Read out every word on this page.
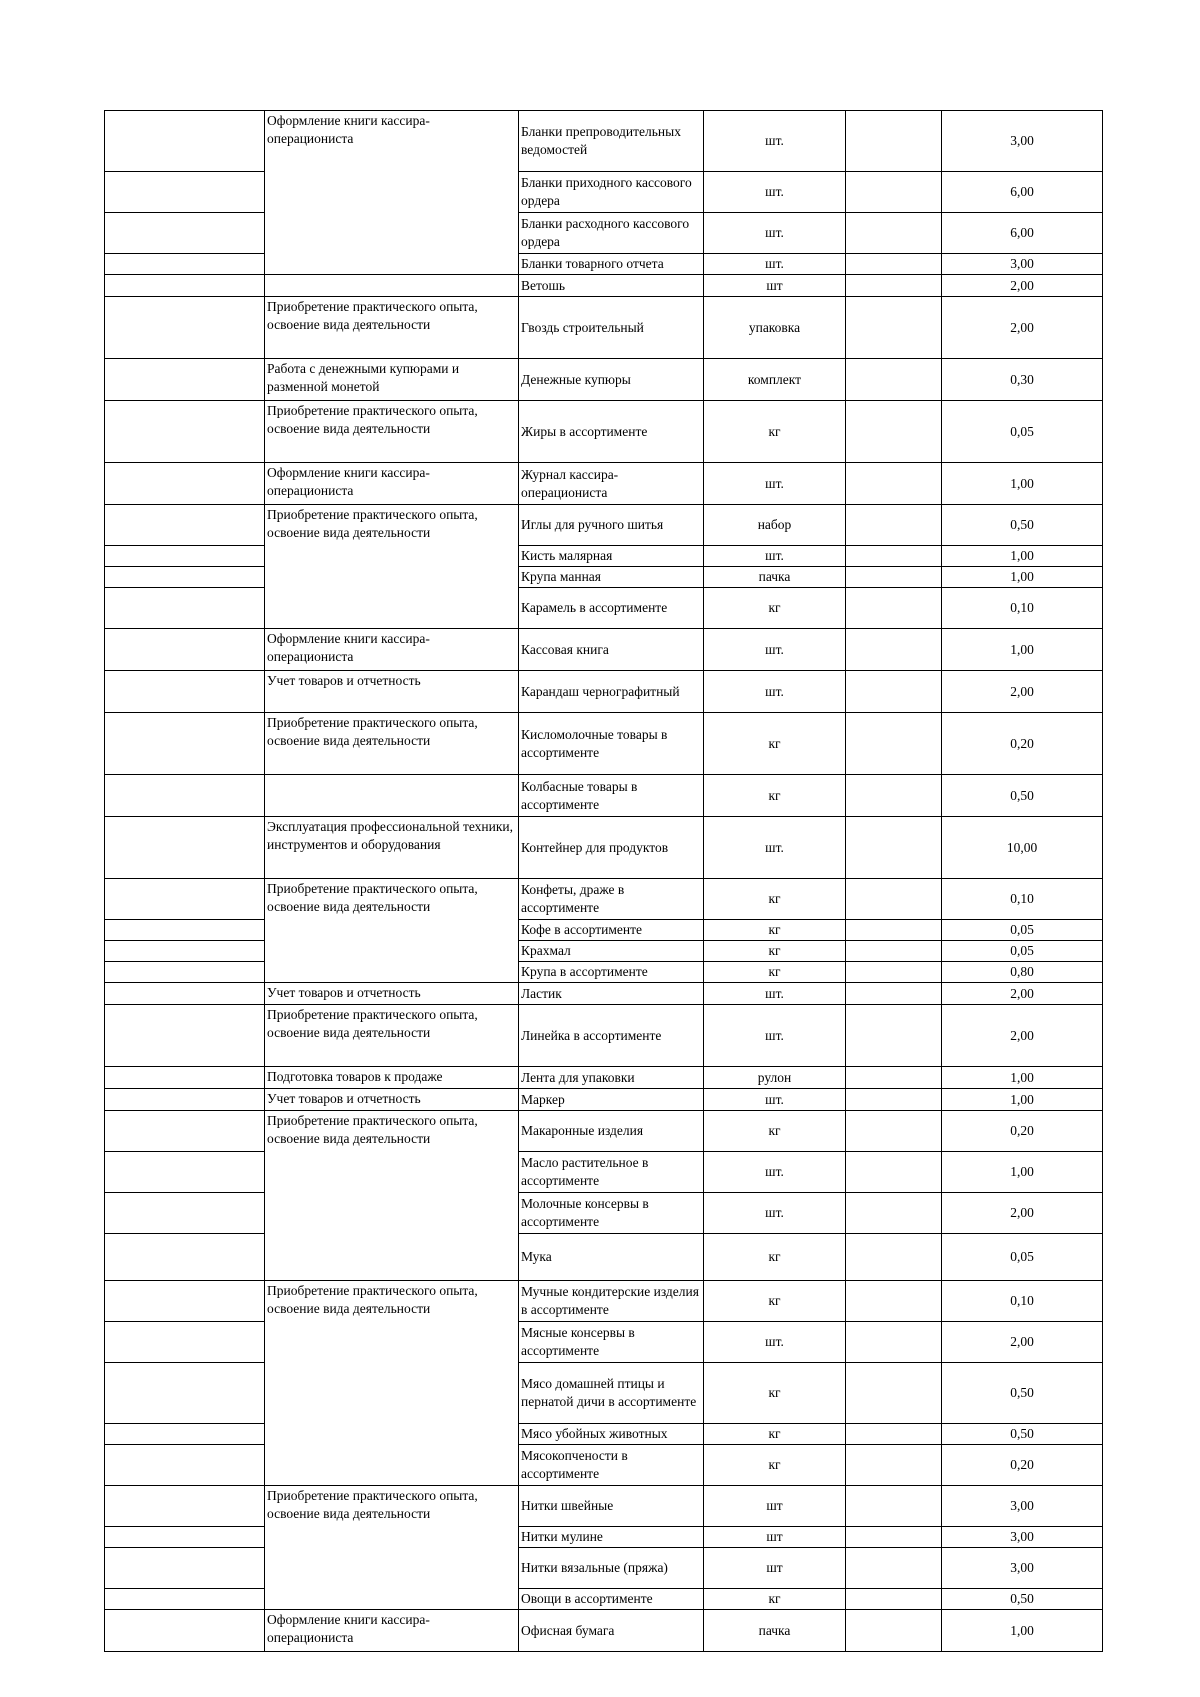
	Оформление книги кассира-операциониста	Бланки препроводительных ведомостей	шт.		3,00
		Бланки приходного кассового ордера	шт.		6,00
		Бланки расходного кассового ордера	шт.		6,00
		Бланки товарного отчета	шт.		3,00
		Ветошь	шт		2,00
	Приобретение практического опыта, освоение вида деятельности	Гвоздь строительный	упаковка		2,00
	Работа с денежными купюрами и разменной монетой	Денежные купюры	комплект		0,30
	Приобретение практического опыта, освоение вида деятельности	Жиры в ассортименте	кг		0,05
	Оформление книги кассира-операциониста	Журнал кассира-операциониста	шт.		1,00
	Приобретение практического опыта, освоение вида деятельности	Иглы для ручного шитья	набор		0,50
		Кисть малярная	шт.		1,00
		Крупа манная	пачка		1,00
		Карамель в ассортименте	кг		0,10
	Оформление книги кассира-операциониста	Кассовая книга	шт.		1,00
	Учет товаров и отчетность	Карандаш чернографитный	шт.		2,00
	Приобретение практического опыта, освоение вида деятельности	Кисломолочные товары в ассортименте	кг		0,20
		Колбасные товары в ассортименте	кг		0,50
	Эксплуатация профессиональной техники, инструментов и оборудования	Контейнер для продуктов	шт.		10,00
	Приобретение практического опыта, освоение вида деятельности	Конфеты, драже в ассортименте	кг		0,10
		Кофе в ассортименте	кг		0,05
		Крахмал	кг		0,05
		Крупа в ассортименте	кг		0,80
	Учет товаров и отчетность	Ластик	шт.		2,00
	Приобретение практического опыта, освоение вида деятельности	Линейка в ассортименте	шт.		2,00
	Подготовка товаров к продаже	Лента для упаковки	рулон		1,00
	Учет товаров и отчетность	Маркер	шт.		1,00
	Приобретение практического опыта, освоение вида деятельности	Макаронные изделия	кг		0,20
		Масло растительное в ассортименте	шт.		1,00
		Молочные консервы в ассортименте	шт.		2,00
		Мука	кг		0,05
	Приобретение практического опыта, освоение вида деятельности	Мучные кондитерские изделия в ассортименте	кг		0,10
		Мясные консервы в ассортименте	шт.		2,00
		Мясо домашней птицы и пернатой дичи в ассортименте	кг		0,50
		Мясо убойных животных	кг		0,50
		Мясокопчености в ассортименте	кг		0,20
	Приобретение практического опыта, освоение вида деятельности	Нитки швейные	шт		3,00
		Нитки мулине	шт		3,00
		Нитки вязальные (пряжа)	шт		3,00
		Овощи в ассортименте	кг		0,50
	Оформление книги кассира-операциониста	Офисная бумага	пачка		1,00
